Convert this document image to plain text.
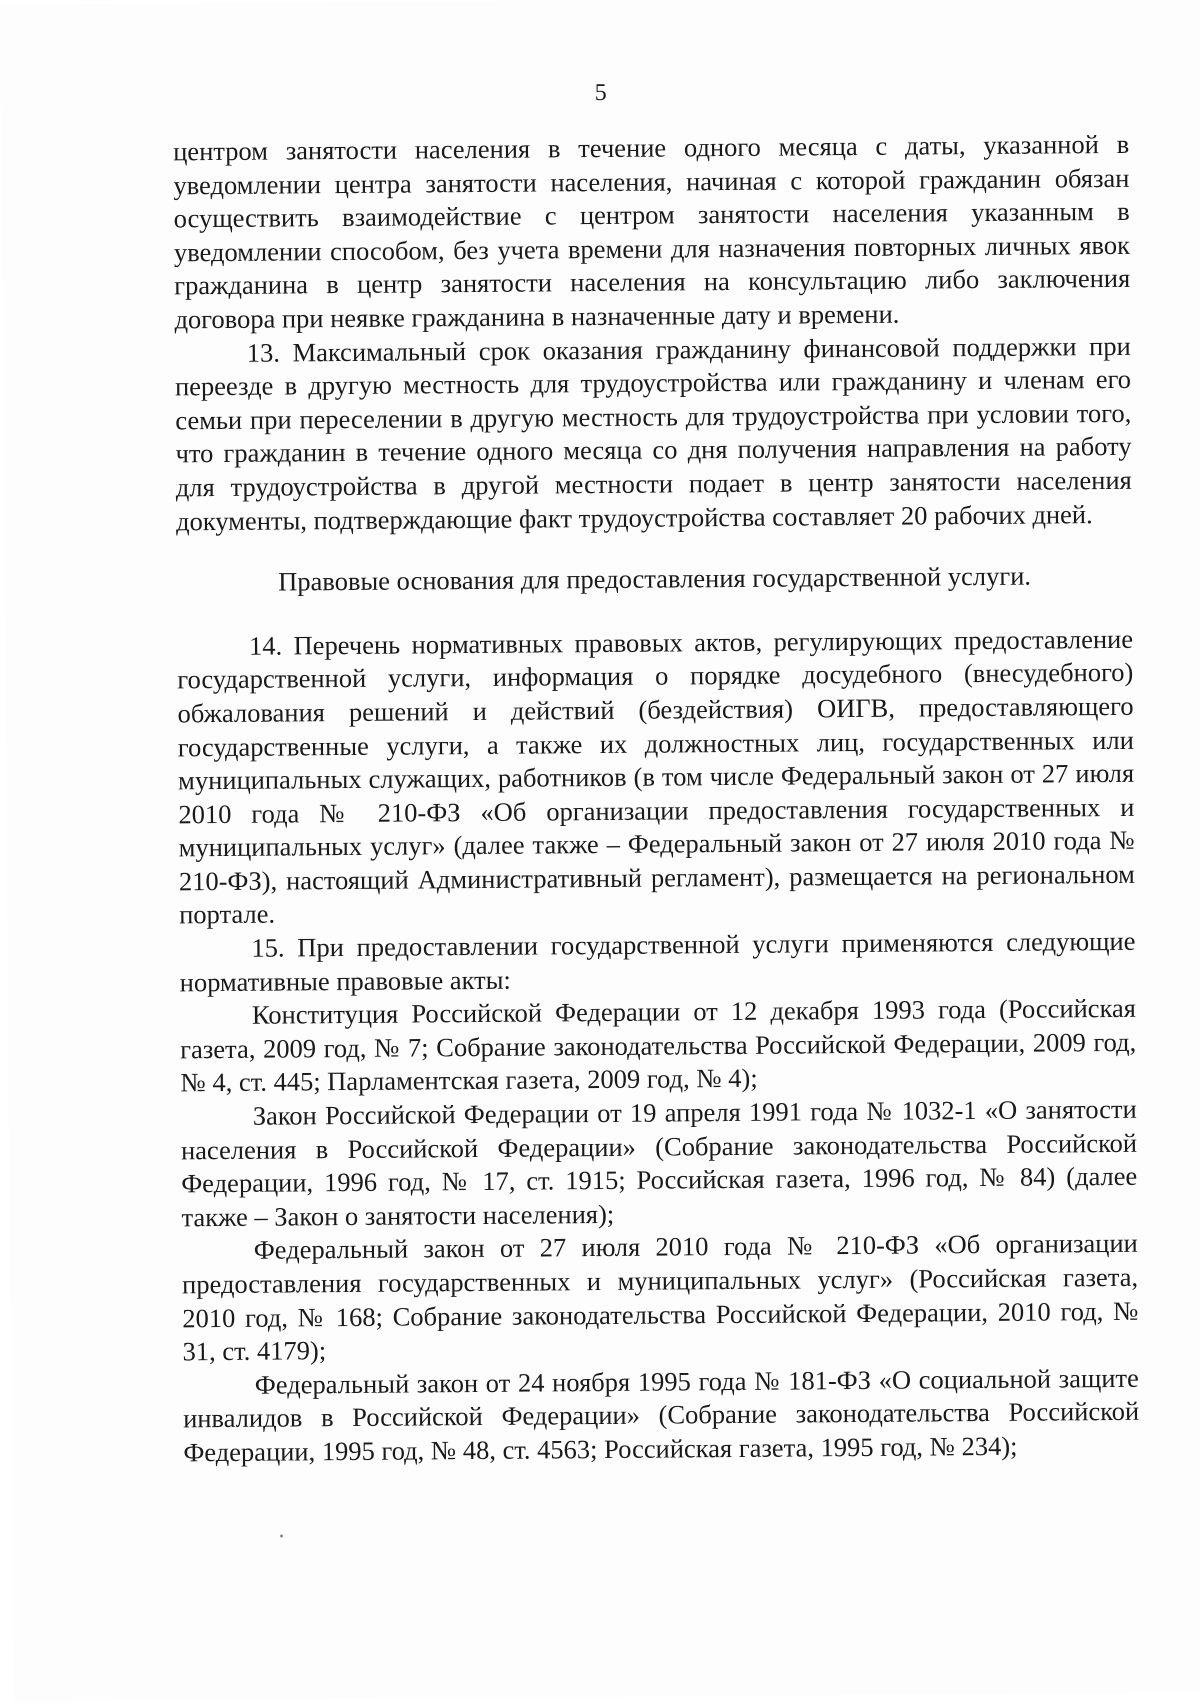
5

центром занятости населения в течение одного месяца с даты, указанной в уведомлении центра занятости населения, начиная с которой гражданин обязан осуществить взаимодействие с центром занятости населения указанным в уведомлении способом, без учета времени для назначения повторных личных явок гражданина в центр занятости населения на консультацию либо заключения договора при неявке гражданина в назначенные дату и времени.

13. Максимальный срок оказания гражданину финансовой поддержки при переезде в другую местность для трудоустройства или гражданину и членам его семьи при переселении в другую местность для трудоустройства при условии того, что гражданин в течение одного месяца со дня получения направления на работу для трудоустройства в другой местности подает в центр занятости населения документы, подтверждающие факт трудоустройства составляет 20 рабочих дней.

Правовые основания для предоставления государственной услуги.

14. Перечень нормативных правовых актов, регулирующих предоставление государственной услуги, информация о порядке досудебного (внесудебного) обжалования решений и действий (бездействия) ОИГВ, предоставляющего государственные услуги, а также их должностных лиц, государственных или муниципальных служащих, работников (в том числе Федеральный закон от 27 июля 2010 года № 210-ФЗ «Об организации предоставления государственных и муниципальных услуг» (далее также – Федеральный закон от 27 июля 2010 года № 210-ФЗ), настоящий Административный регламент), размещается на региональном портале.

15. При предоставлении государственной услуги применяются следующие нормативные правовые акты:

Конституция Российской Федерации от 12 декабря 1993 года (Российская газета, 2009 год, № 7; Собрание законодательства Российской Федерации, 2009 год, № 4, ст. 445; Парламентская газета, 2009 год, № 4);

Закон Российской Федерации от 19 апреля 1991 года № 1032-1 «О занятости населения в Российской Федерации» (Собрание законодательства Российской Федерации, 1996 год, № 17, ст. 1915; Российская газета, 1996 год, № 84) (далее также – Закон о занятости населения);

Федеральный закон от 27 июля 2010 года № 210-ФЗ «Об организации предоставления государственных и муниципальных услуг» (Российская газета, 2010 год, № 168; Собрание законодательства Российской Федерации, 2010 год, № 31, ст. 4179);

Федеральный закон от 24 ноября 1995 года № 181-ФЗ «О социальной защите инвалидов в Российской Федерации» (Собрание законодательства Российской Федерации, 1995 год, № 48, ст. 4563; Российская газета, 1995 год, № 234);
